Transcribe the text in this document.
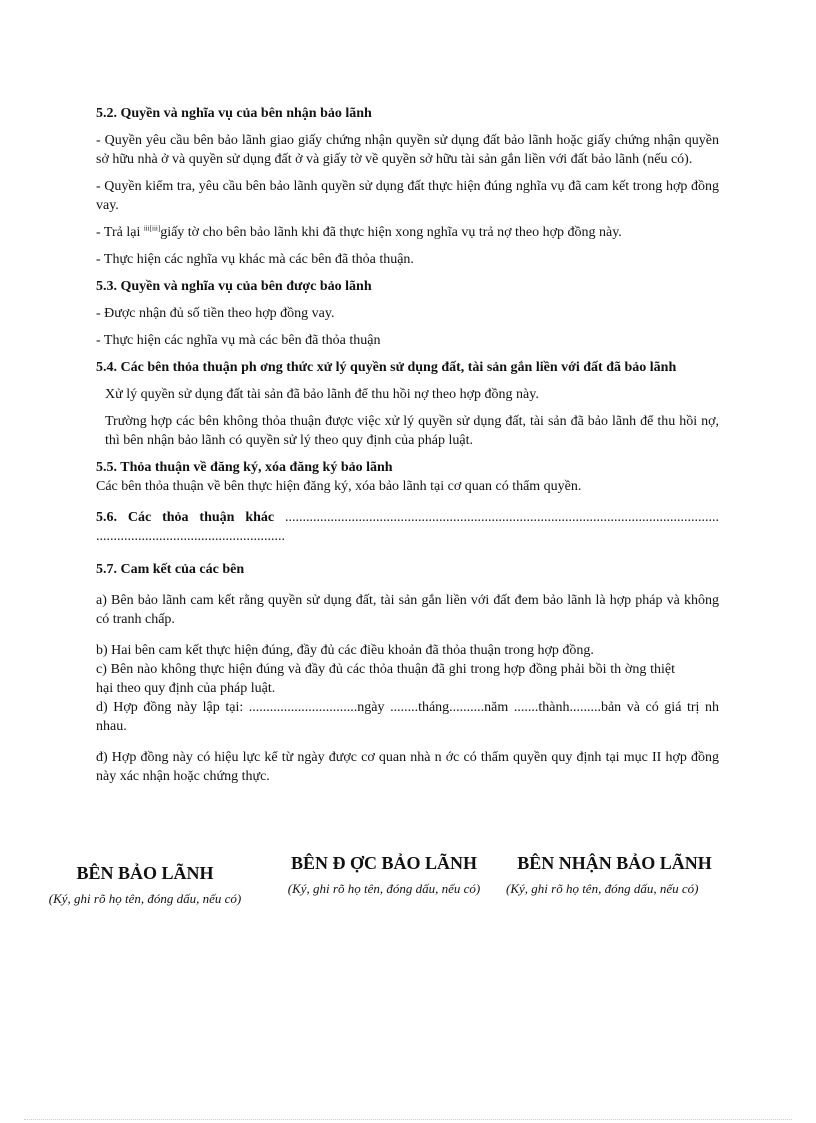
5.2. Quyền và nghĩa vụ của bên nhận bảo lãnh
- Quyền yêu cầu bên bảo lãnh giao giấy chứng nhận quyền sử dụng đất bảo lãnh hoặc giấy chứng nhận quyền sở hữu nhà ở và quyền sử dụng đất ở và giấy tờ về quyền sở hữu tài sản gắn liền với đất bảo lãnh (nếu có).
- Quyền kiểm tra, yêu cầu bên bảo lãnh quyền sử dụng đất thực hiện đúng nghĩa vụ đã cam kết trong hợp đồng vay.
- Trả lại $^{iii[iii]}$giấy tờ cho bên bảo lãnh khi đã thực hiện xong nghĩa vụ trả nợ theo hợp đồng này.
- Thực hiện các nghĩa vụ khác mà các bên đã thỏa thuận.
5.3. Quyền và nghĩa vụ của bên được bảo lãnh
- Được nhận đủ số tiền theo hợp đồng vay.
- Thực hiện các nghĩa vụ mà các bên đã thỏa thuận
5.4. Các bên thỏa thuận ph ơng thức xử lý quyền sử dụng đất, tài sản gắn liền với đất đã bảo lãnh
Xử lý quyền sử dụng đất tài sản đã bảo lãnh để thu hồi nợ theo hợp đồng này.
Trường hợp các bên không thỏa thuận được việc xử lý quyền sử dụng đất, tài sản đã bảo lãnh để thu hồi nợ, thì bên nhận bảo lãnh có quyền sử lý theo quy định của pháp luật.
5.5. Thỏa thuận về đăng ký, xóa đăng ký bảo lãnh
Các bên thỏa thuận về bên thực hiện đăng ký, xóa bảo lãnh tại cơ quan có thẩm quyền.
5.6. Các thỏa thuận khác ............................................................................................................................ ......................................................
5.7. Cam kết của các bên
a) Bên bảo lãnh cam kết rằng quyền sử dụng đất, tài sản gắn liền với đất đem bảo lãnh là hợp pháp và không có tranh chấp.
b) Hai bên cam kết thực hiện đúng, đầy đủ các điều khoản đã thỏa thuận trong hợp đồng.
c) Bên nào không thực hiện đúng và đầy đủ các thỏa thuận đã ghi trong hợp đồng phải bồi th ờng thiệt hại theo quy định của pháp luật.
d) Hợp đồng này lập tại: ...............................ngày ........tháng..........năm .......thành.........bản và có giá trị nh nhau.
đ) Hợp đồng này có hiệu lực kể từ ngày được cơ quan nhà n ớc có thẩm quyền quy định tại mục II hợp đồng này xác nhận hoặc chứng thực.
BÊN BẢO LÃNH
(Ký, ghi rõ họ tên, đóng dấu, nếu có)
BÊN Đ ỢC BẢO LÃNH
(Ký, ghi rõ họ tên, đóng dấu, nếu có)
BÊN NHẬN BẢO LÃNH
(Ký, ghi rõ họ tên, đóng dấu, nếu có)
